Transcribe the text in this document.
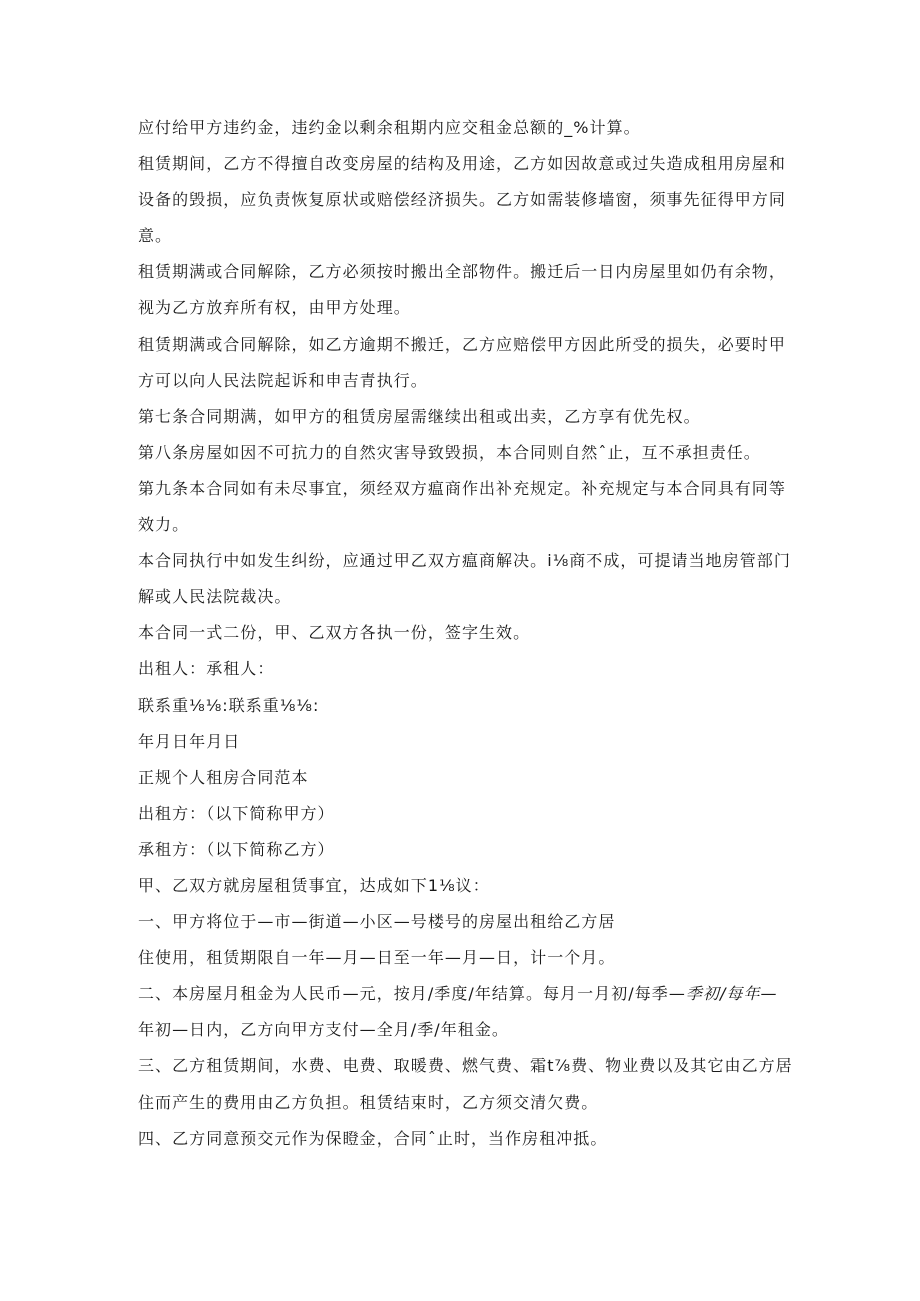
应付给甲方违约金，违约金以剩余租期内应交租金总额的_%计算。
租赁期间，乙方不得擅自改变房屋的结构及用途，乙方如因故意或过失造成租用房屋和
设备的毁损，应负责恢复原状或赔偿经济损失。乙方如需装修墙窗，须事先征得甲方同
意。
租赁期满或合同解除，乙方必须按时搬出全部物件。搬迁后一日内房屋里如仍有余物，
视为乙方放弃所有权，由甲方处理。
租赁期满或合同解除，如乙方逾期不搬迁，乙方应赔偿甲方因此所受的损失，必要时甲
方可以向人民法院起诉和申吉青执行。
第七条合同期满，如甲方的租赁房屋需继续出租或出卖，乙方享有优先权。
第八条房屋如因不可抗力的自然灾害导致毁损，本合同则自然ˆ止，互不承担责任。
第九条本合同如有未尽事宜，须经双方瘟商作出补充规定。补充规定与本合同具有同等
效力。
本合同执行中如发生纠纷，应通过甲乙双方瘟商解决。i⅛商不成，可提请当地房管部门
解或人民法院裁决。
本合同一式二份，甲、乙双方各执一份，签字生效。
出租人：承租人：
联系重⅛⅛:联系重⅛⅛:
年月日年月日
正规个人租房合同范本
出租方：（以下简称甲方）
承租方：（以下简称乙方）
甲、乙双方就房屋租赁事宜，达成如下1⅛议：
一、甲方将位于—市—街道—小区—号楼号的房屋出租给乙方居
住使用，租赁期限自一年—月—日至一年—月—日，计一个月。
二、本房屋月租金为人民币—元，按月/季度/年结算。每月一月初/每季—季初/每年—
年初—日内，乙方向甲方支付—全月/季/年租金。
三、乙方租赁期间，水费、电费、取暖费、燃气费、霜t⅞费、物业费以及其它由乙方居
住而产生的费用由乙方负担。租赁结束时，乙方须交清欠费。
四、乙方同意预交元作为保瞪金，合同ˆ止时，当作房租冲抵。
